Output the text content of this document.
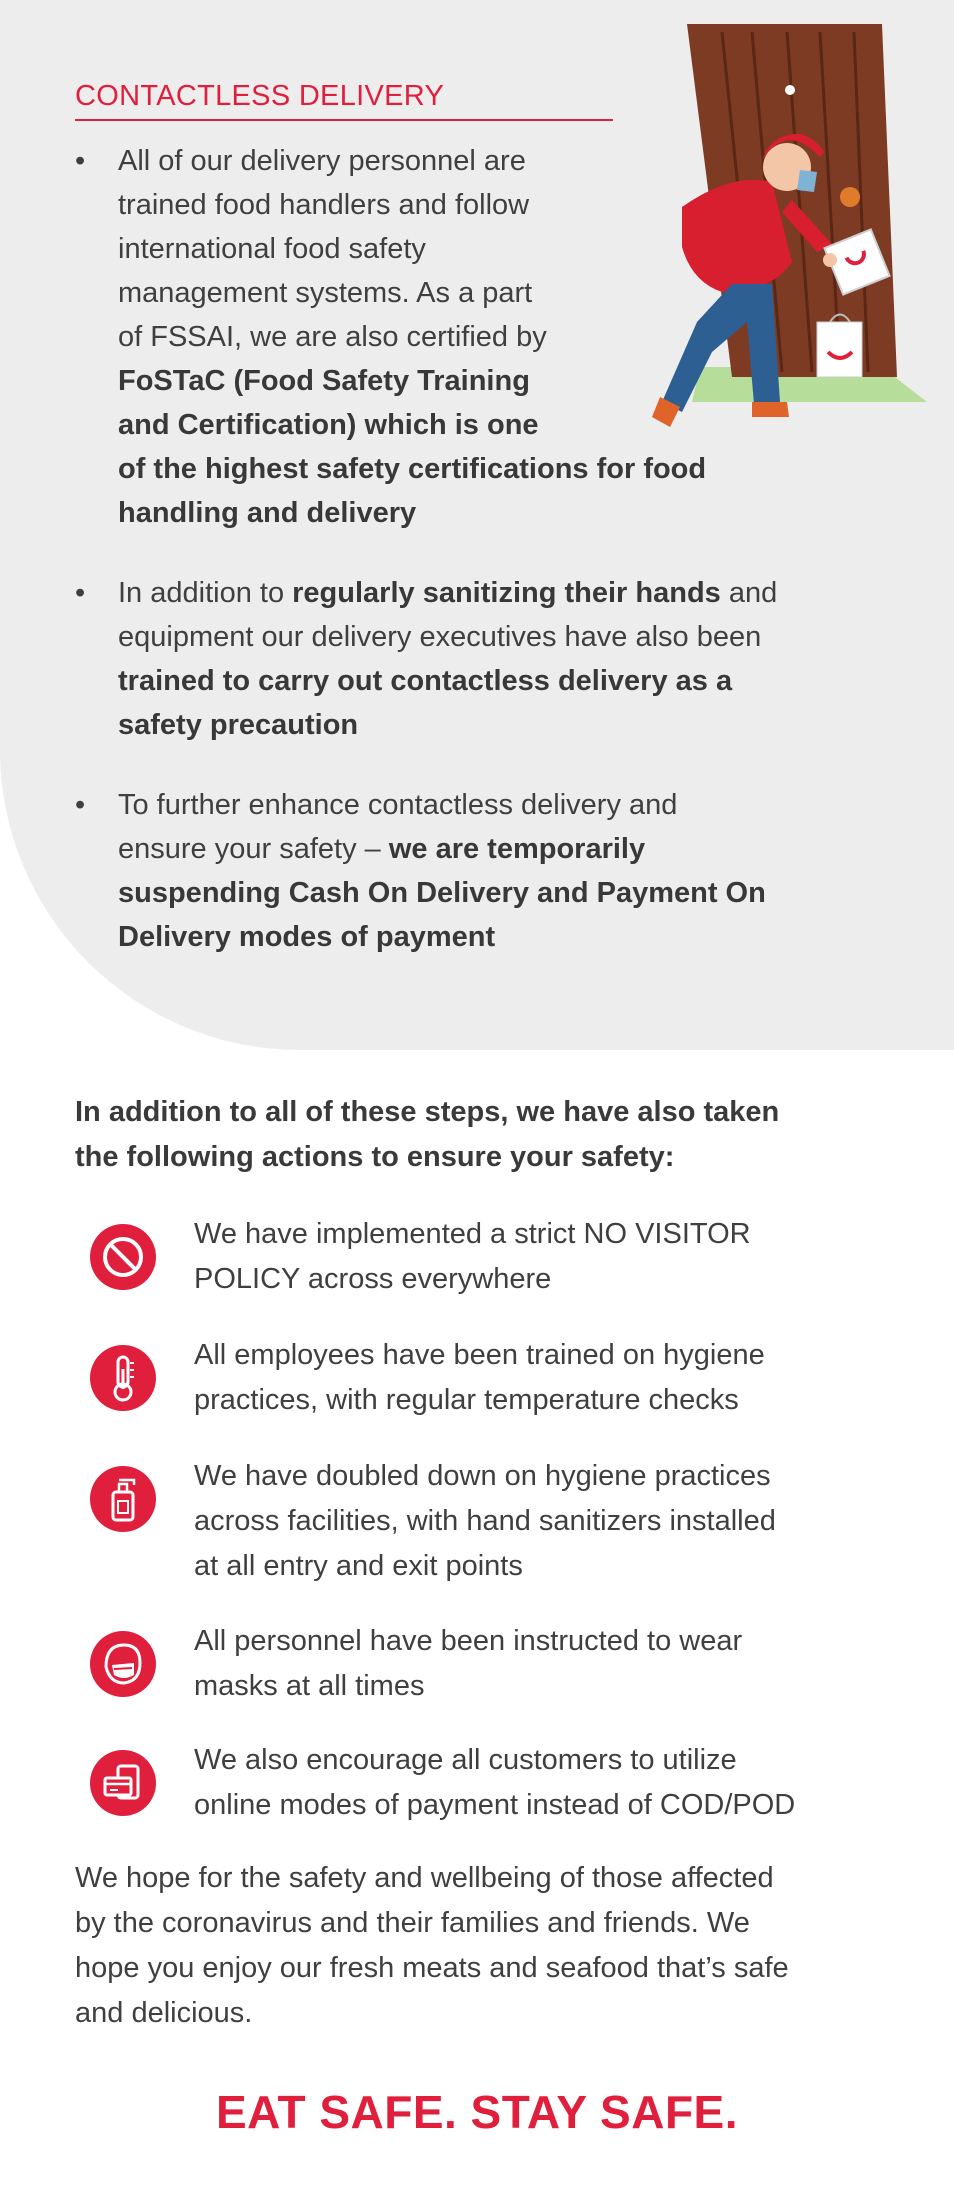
CONTACTLESS DELIVERY
•	All of our delivery personnel are
trained food handlers and follow
international food safety
management systems. As a part
of FSSAI, we are also certified by
FoSTaC (Food Safety Training
and Certification) which is one
of the highest safety certifications for food
handling and delivery
•	In addition to regularly sanitizing their hands and
equipment our delivery executives have also been
trained to carry out contactless delivery as a
safety precaution
•	To further enhance contactless delivery and
ensure your safety – we are temporarily
suspending Cash On Delivery and Payment On
Delivery modes of payment
In addition to all of these steps, we have also taken
the following actions to ensure your safety:
We have implemented a strict NO VISITOR
POLICY across everywhere
All employees have been trained on hygiene
practices, with regular temperature checks
We have doubled down on hygiene practices
across facilities, with hand sanitizers installed
at all entry and exit points
All personnel have been instructed to wear
masks at all times
We also encourage all customers to utilize
online modes of payment instead of COD/POD
We hope for the safety and wellbeing of those affected
by the coronavirus and their families and friends. We
hope you enjoy our fresh meats and seafood that’s safe
and delicious.
EAT SAFE. STAY SAFE.
